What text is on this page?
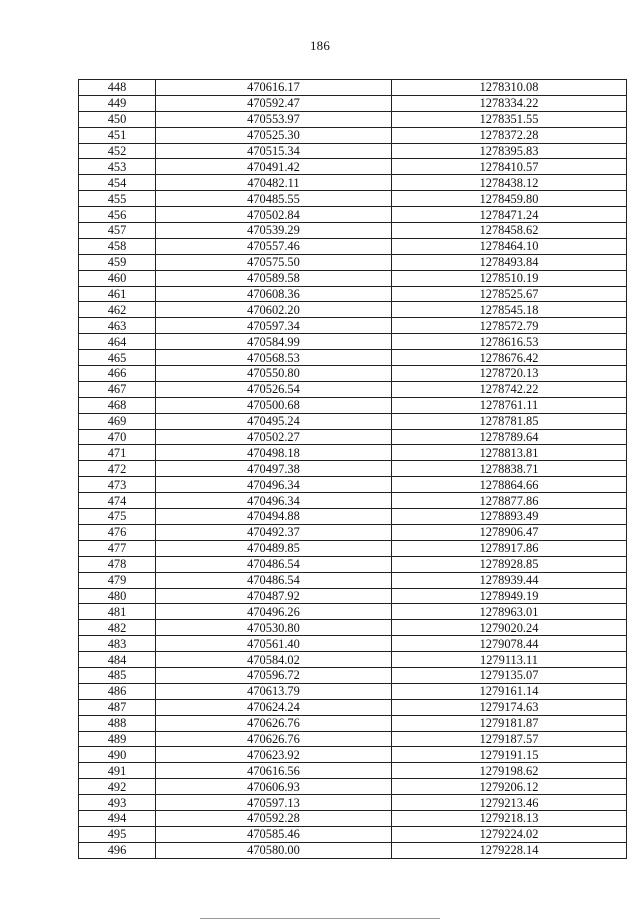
186
448	470616.17	1278310.08
449	470592.47	1278334.22
450	470553.97	1278351.55
451	470525.30	1278372.28
452	470515.34	1278395.83
453	470491.42	1278410.57
454	470482.11	1278438.12
455	470485.55	1278459.80
456	470502.84	1278471.24
457	470539.29	1278458.62
458	470557.46	1278464.10
459	470575.50	1278493.84
460	470589.58	1278510.19
461	470608.36	1278525.67
462	470602.20	1278545.18
463	470597.34	1278572.79
464	470584.99	1278616.53
465	470568.53	1278676.42
466	470550.80	1278720.13
467	470526.54	1278742.22
468	470500.68	1278761.11
469	470495.24	1278781.85
470	470502.27	1278789.64
471	470498.18	1278813.81
472	470497.38	1278838.71
473	470496.34	1278864.66
474	470496.34	1278877.86
475	470494.88	1278893.49
476	470492.37	1278906.47
477	470489.85	1278917.86
478	470486.54	1278928.85
479	470486.54	1278939.44
480	470487.92	1278949.19
481	470496.26	1278963.01
482	470530.80	1279020.24
483	470561.40	1279078.44
484	470584.02	1279113.11
485	470596.72	1279135.07
486	470613.79	1279161.14
487	470624.24	1279174.63
488	470626.76	1279181.87
489	470626.76	1279187.57
490	470623.92	1279191.15
491	470616.56	1279198.62
492	470606.93	1279206.12
493	470597.13	1279213.46
494	470592.28	1279218.13
495	470585.46	1279224.02
496	470580.00	1279228.14
